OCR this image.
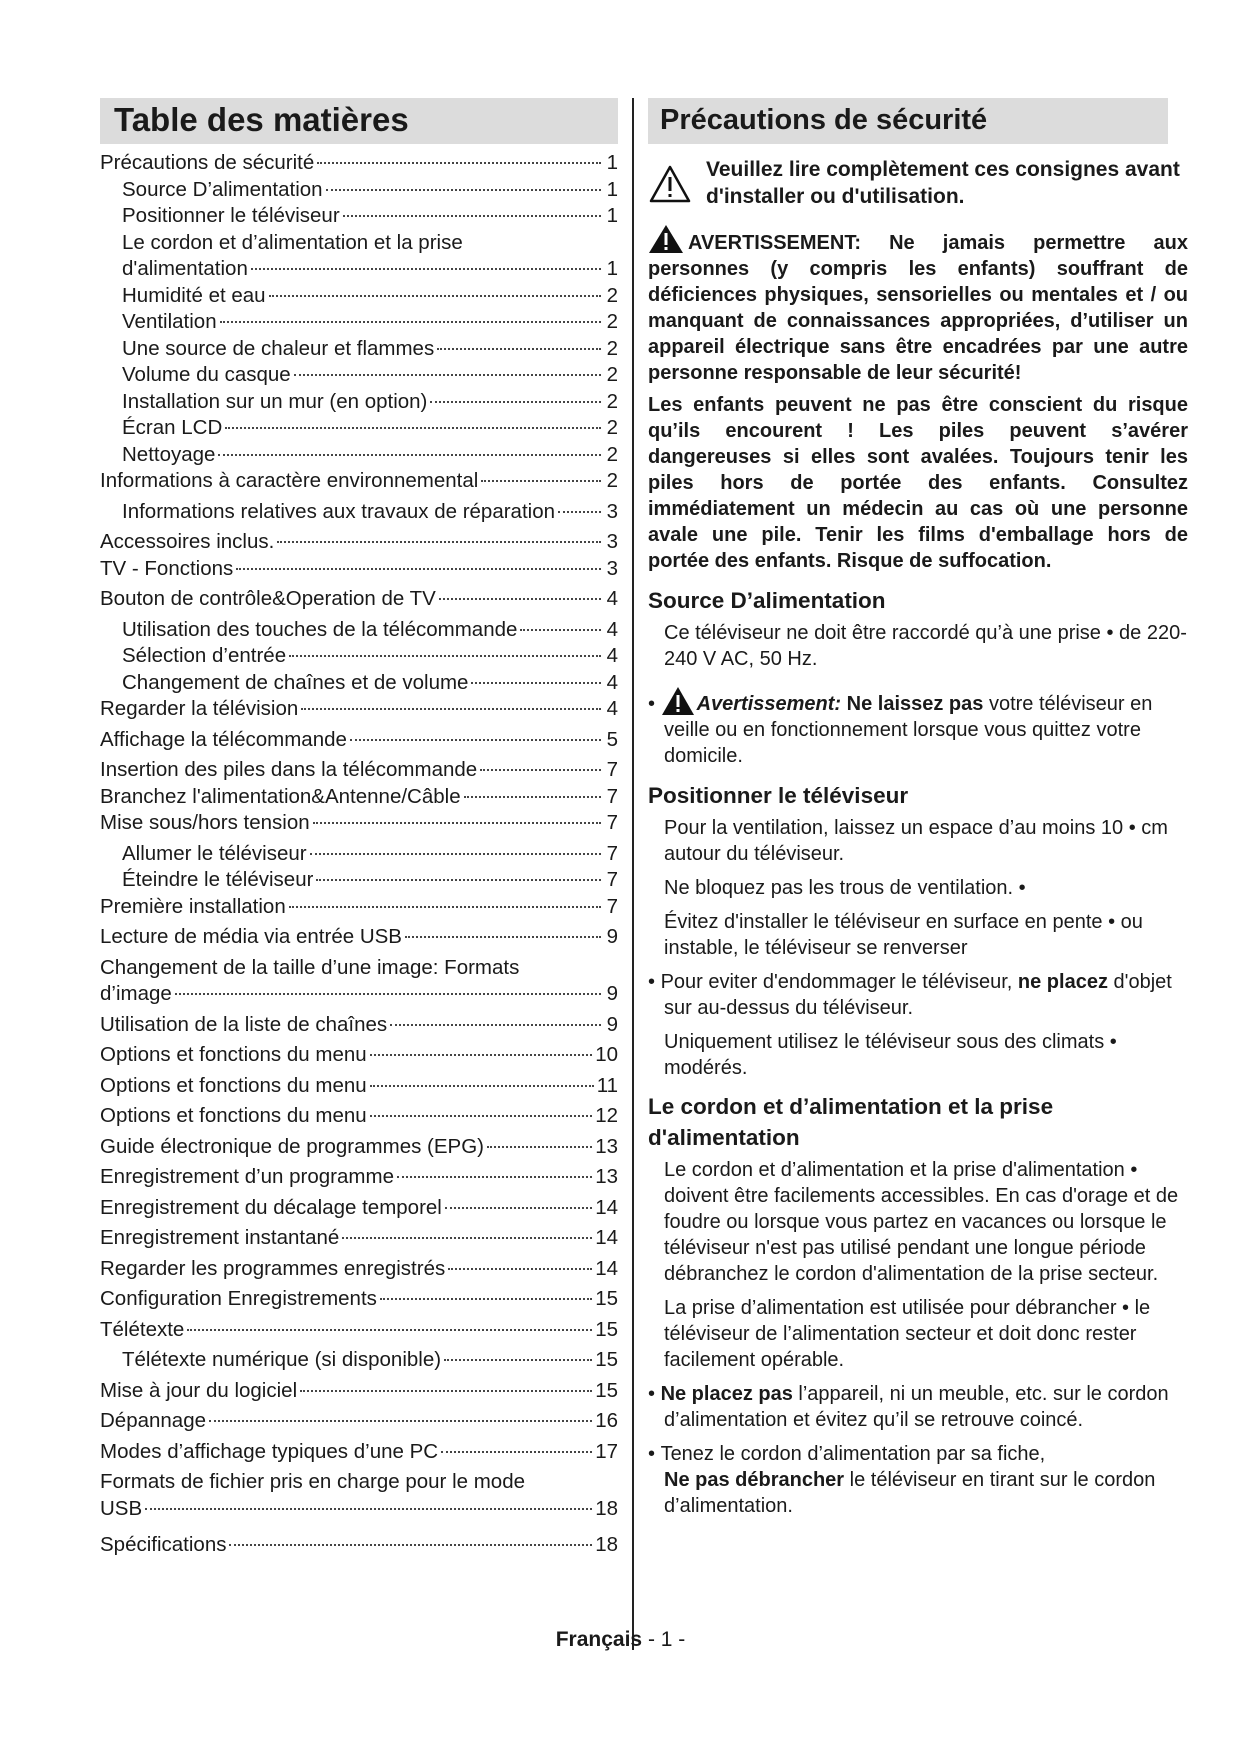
Table des matières
Précautions de sécurité	1
Source D’alimentation	1
Positionner le téléviseur	1
Le cordon et d’alimentation et la prise
d'alimentation	1
Humidité et eau	2
Ventilation	2
Une source de chaleur et flammes	2
Volume du casque	2
Installation sur un mur (en option)	2
Écran LCD	2
Nettoyage	2
Informations à caractère environnemental	2
Informations relatives aux travaux de réparation	3
Accessoires inclus.	3
TV - Fonctions	3
Bouton de contrôle&Operation de TV	4
Utilisation des touches de la télécommande	4
Sélection d’entrée	4
Changement de chaînes et de volume	4
Regarder la télévision	4
Affichage la télécommande	5
Insertion des piles dans la télécommande	7
Branchez l'alimentation&Antenne/Câble	7
Mise sous/hors tension	7
Allumer le téléviseur	7
Éteindre le téléviseur	7
Première installation	7
Lecture de média via entrée USB	9
Changement de la taille d’une image: Formats
d’image	9
Utilisation de la liste de chaînes	9
Options et fonctions du menu	10
Options et fonctions du menu	11
Options et fonctions du menu	12
Guide électronique de programmes (EPG)	13
Enregistrement d’un programme	13
Enregistrement du décalage temporel	14
Enregistrement instantané	14
Regarder les programmes enregistrés	14
Configuration Enregistrements	15
Télétexte	15
Télétexte numérique (si disponible)	15
Mise à jour du logiciel	15
Dépannage	16
Modes d’affichage typiques d’une PC	17
Formats de fichier pris en charge pour le mode
USB	18
Spécifications	18
Précautions de sécurité
Veuillez lire complètement ces consignes avant d'installer ou d'utilisation.

AVERTISSEMENT: Ne jamais permettre aux personnes (y compris les enfants) souffrant de déficiences physiques, sensorielles ou mentales et / ou manquant de connaissances appropriées, d’utiliser un appareil électrique sans être encadrées par une autre personne responsable de leur sécurité!

Les enfants peuvent ne pas être conscient du risque qu’ils encourent ! Les piles peuvent s’avérer dangereuses si elles sont avalées. Toujours tenir les piles hors de portée des enfants. Consultez immédiatement un médecin au cas où une personne avale une pile. Tenir les films d'emballage hors de portée des enfants. Risque de suffocation.

Source D’alimentation

Ce téléviseur ne doit être raccordé qu’à une prise • de 220-240 V AC, 50 Hz.

• Avertissement: Ne laissez pas votre téléviseur en veille ou en fonctionnement lorsque vous quittez votre domicile.

Positionner le téléviseur

Pour la ventilation, laissez un espace d’au moins 10 • cm autour du téléviseur.

Ne bloquez pas les trous de ventilation. •

Évitez d'installer le téléviseur en surface en pente • ou instable, le téléviseur se renverser

• Pour eviter d'endommager le téléviseur, ne placez d'objet sur au-dessus du téléviseur.

Uniquement utilisez le téléviseur sous des climats • modérés.

Le cordon et d’alimentation et la prise d'alimentation

Le cordon et d’alimentation et la prise d'alimentation • doivent être facilements accessibles. En cas d'orage et de foudre ou lorsque vous partez en vacances ou lorsque le téléviseur n'est pas utilisé pendant une longue période débranchez le cordon d'alimentation de la prise secteur.

La prise d’alimentation est utilisée pour débrancher • le téléviseur de l’alimentation secteur et doit donc rester facilement opérable.

• Ne placez pas l’appareil, ni un meuble, etc. sur le cordon d’alimentation et évitez qu’il se retrouve coincé.

• Tenez le cordon d’alimentation par sa fiche,
Ne pas débrancher le téléviseur en tirant sur le cordon d’alimentation.

Français - 1 -
